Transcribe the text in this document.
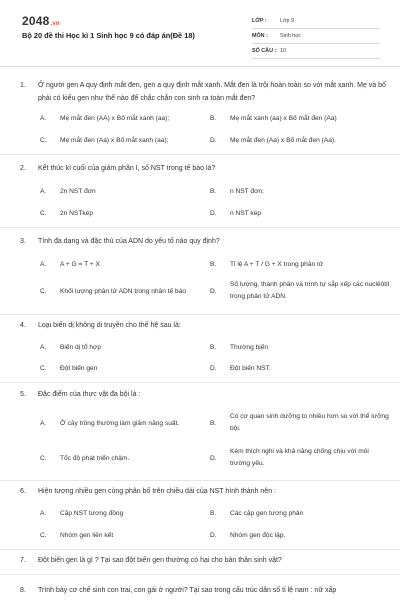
2048.vn
Bộ 20 đề thi Học kì 1 Sinh học 9 có đáp án(Đề 18)
LỚP :	Lớp 9
MÔN :	Sinh học
SỐ CÂU : 10
1.	Ở người gen A quy định mắt đen, gen a quy định mắt xanh. Mắt đen là trội hoàn toàn so với mắt xanh. Mẹ và bố phải có kiểu gen như thế nào để chắc chắn con sinh ra toàn mắt đen?
A.	Mẹ mắt đen (AA) x Bố mắt xanh (aa);	B.	Mẹ mắt xanh (aa) x Bố mắt đen (Aa)
C.	Mẹ mắt đen (Aa) x Bố mắt xanh (aa);	D.	Mẹ mắt đen (Aa) x Bố mắt đen (Aa).
2.	Kết thúc kì cuối của giảm phân I, số NST trong tế bào là?
A.	2n NST đơn	B.	n NST đơn;
C.	2n NSTkép	D.	n NST kép
3.	Tính đa dạng và đặc thù của ADN do yếu tố nào quy định?
A.	A + G = T + X	B.	Tỉ lệ A + T / G + X trong phân tử
C.	Khối lượng phân tử ADN trong nhân tế bào	D.
Số lượng, thành phần và trình tự sắp xếp các nuclêôtit trong phân tử ADN.
4.	Loại biến dị không di truyền cho thế hệ sau là:
A.	Biến dị tổ hợp	B.	Thường biến
C.	Đột biến gen	D.	Đột biến NST.
5.	Đặc điểm của thực vật đa bội là :
A.	Ở cây trồng thường làm giảm năng suất.	B.
Có cơ quan sinh dưỡng to nhiều hơn so với thể lưỡng bội.
C.	Tốc độ phát triển chậm.	D.
Kém thích nghi và khả năng chống chịu với môi trường yếu.
6.	Hiện tượng nhiều gen cùng phân bố trên chiều dài của NST hình thành nên :
A.	Cặp NST tương đồng	B.	Các cặp gen tương phản
C.	Nhóm gen liên kết	D.	Nhóm gen độc lập.
7.	Đột biến gen là gì ? Tại sao đột biến gen thường có hại cho bản thân sinh vật?
8.	Trình bày cơ chế sinh con trai, con gái ở người? Tại sao trong cấu trúc dân số tỉ lệ nam : nữ xấp
